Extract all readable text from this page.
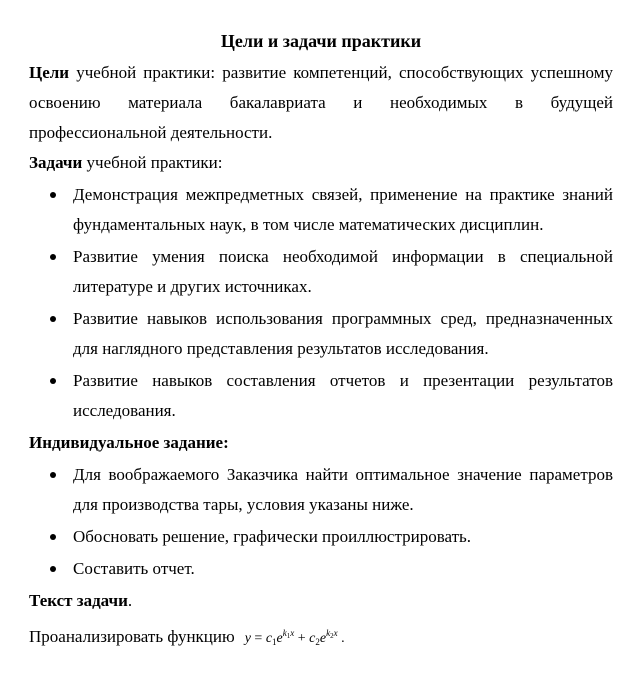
Цели и задачи практики

Цели учебной практики: развитие компетенций, способствующих успешному освоению материала бакалавриата и необходимых в будущей профессиональной деятельности.

Задачи учебной практики:

Демонстрация межпредметных связей, применение на практике знаний фундаментальных наук, в том числе математических дисциплин.
Развитие умения поиска необходимой информации в специальной литературе и других источниках.
Развитие навыков использования программных сред, предназначенных для наглядного представления результатов исследования.
Развитие навыков составления отчетов и презентации результатов исследования.

Индивидуальное задание:

Для воображаемого Заказчика найти оптимальное значение параметров для производства тары, условия указаны ниже.
Обосновать решение, графически проиллюстрировать.
Составить отчет.

Текст задачи.

Проанализировать функцию $y = c_1e^{k_1x} + c_2e^{k_2x}$ .
